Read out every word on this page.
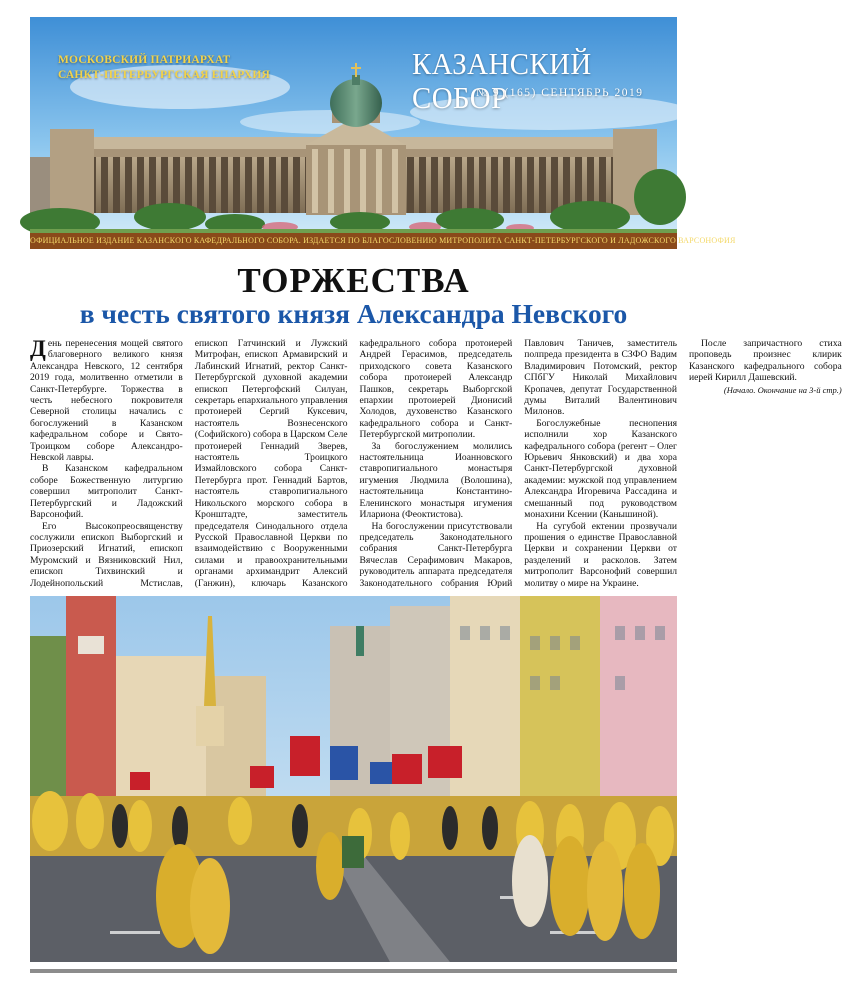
МОСКОВСКИЙ ПАТРИАРХАТ
САНКТ-ПЕТЕРБУРГСКАЯ ЕПАРХИЯ	КАЗАНСКИЙ СОБОР
№ 9 (165) СЕНТЯБРЬ 2019
ОФИЦИАЛЬНОЕ ИЗДАНИЕ КАЗАНСКОГО КАФЕДРАЛЬНОГО СОБОРА. ИЗДАЕТСЯ ПО БЛАГОСЛОВЕНИЮ МИТРОПОЛИТА САНКТ-ПЕТЕРБУРГСКОГО И ЛАДОЖСКОГО ВАРСОНОФИЯ
ТОРЖЕСТВА
в честь святого князя Александра Невского

День перенесения мощей святого благоверного великого князя Александра Невского, 12 сентября 2019 года, молитвенно отметили в Санкт-Петербурге. Торжества в честь небесного покровителя Северной столицы начались с богослужений в Казанском кафедральном соборе и Свято-Троицком соборе Александро-Невской лавры.

В Казанском кафедральном соборе Божественную литургию совершил митрополит Санкт-Петербургский и Ладожский Варсонофий.

Его Высокопреосвященству сослужили епископ Выборгский и Приозерский Игнатий, епископ Муромский и Вязниковский Нил, епископ Тихвинский и Лодейнопольский Мстислав, епископ Гатчинский и Лужский Митрофан, епископ Армавирский и Лабинский Игнатий, ректор Санкт-Петербургской духовной академии епископ Петергофский Силуан, секретарь епархиального управления протоиерей Сергий Куксевич, настоятель Вознесенского (Софийского) собора в Царском Селе протоиерей Геннадий Зверев, настоятель Троицкого Измайловского собора Санкт-Петербурга прот. Геннадий Бартов, настоятель ставропигиального Никольского морского собора в Кронштадте, заместитель председателя Синодального отдела Русской Православной Церкви по взаимодействию с Вооруженными силами и правоохранительными органами архимандрит Алексий (Ганжин), ключарь Казанского кафедрального собора протоиерей Андрей Герасимов, председатель приходского совета Казанского собора протоиерей Александр Пашков, секретарь Выборгской епархии протоиерей Дионисий Холодов, духовенство Казанского кафедрального собора и Санкт-Петербургской митрополии.

За богослужением молились настоятельница Иоанновского ставропигиального монастыря игумения Людмила (Волошина), настоятельница Константино-Еленинского монастыря игумения Илариона (Феоктистова).

На богослужении присутствовали председатель Законодательного собрания Санкт-Петербурга Вячеслав Серафимович Макаров, руководитель аппарата председателя Законодательного собрания Юрий Павлович Таничев, заместитель полпреда президента в СЗФО Вадим Владимирович Потомский, ректор СПбГУ Николай Михайлович Кропачев, депутат Государственной думы Виталий Валентинович Милонов.

Богослужебные песнопения исполнили хор Казанского кафедрального собора (регент – Олег Юрьевич Янковский) и два хора Санкт-Петербургской духовной академии: мужской под управлением Александра Игоревича Рассадина и смешанный под руководством монахини Ксении (Канышиной).

На сугубой ектении прозвучали прошения о единстве Православной Церкви и сохранении Церкви от разделений и расколов. Затем митрополит Варсонофий совершил молитву о мире на Украине.

После запричастного стиха проповедь произнес клирик Казанского кафедрального собора иерей Кирилл Дашевский.

(Начало. Окончание на 3-й стр.)
